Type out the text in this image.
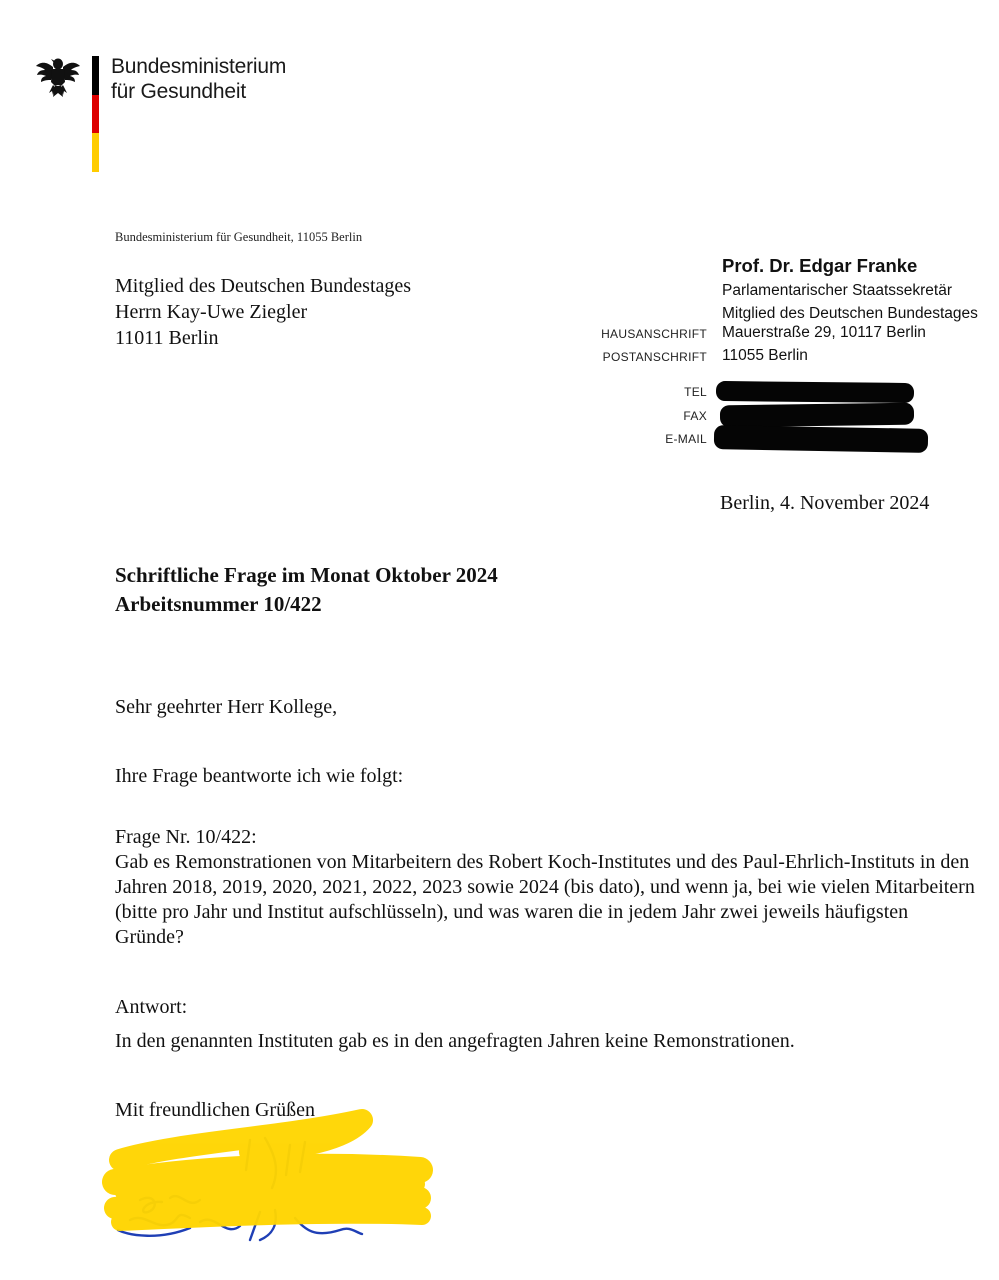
Bundesministerium
für Gesundheit
Bundesministerium für Gesundheit, 11055 Berlin
Mitglied des Deutschen Bundestages
Herrn Kay-Uwe Ziegler
11011 Berlin
Prof. Dr. Edgar Franke
Parlamentarischer Staatssekretär
Mitglied des Deutschen Bundestages
HAUSANSCHRIFT Mauerstraße 29, 10117 Berlin
POSTANSCHRIFT 11055 Berlin
TEL
FAX
E-MAIL
Berlin, 4. November 2024
Schriftliche Frage im Monat Oktober 2024
Arbeitsnummer 10/422
Sehr geehrter Herr Kollege,
Ihre Frage beantworte ich wie folgt:
Frage Nr. 10/422:
Gab es Remonstrationen von Mitarbeitern des Robert Koch-Institutes und des Paul-Ehrlich-Instituts in den Jahren 2018, 2019, 2020, 2021, 2022, 2023 sowie 2024 (bis dato), und wenn ja, bei wie vielen Mitarbeitern (bitte pro Jahr und Institut aufschlüsseln), und was waren die in jedem Jahr zwei jeweils häufigsten Gründe?
Antwort:
In den genannten Instituten gab es in den angefragten Jahren keine Remonstrationen.
Mit freundlichen Grüßen
